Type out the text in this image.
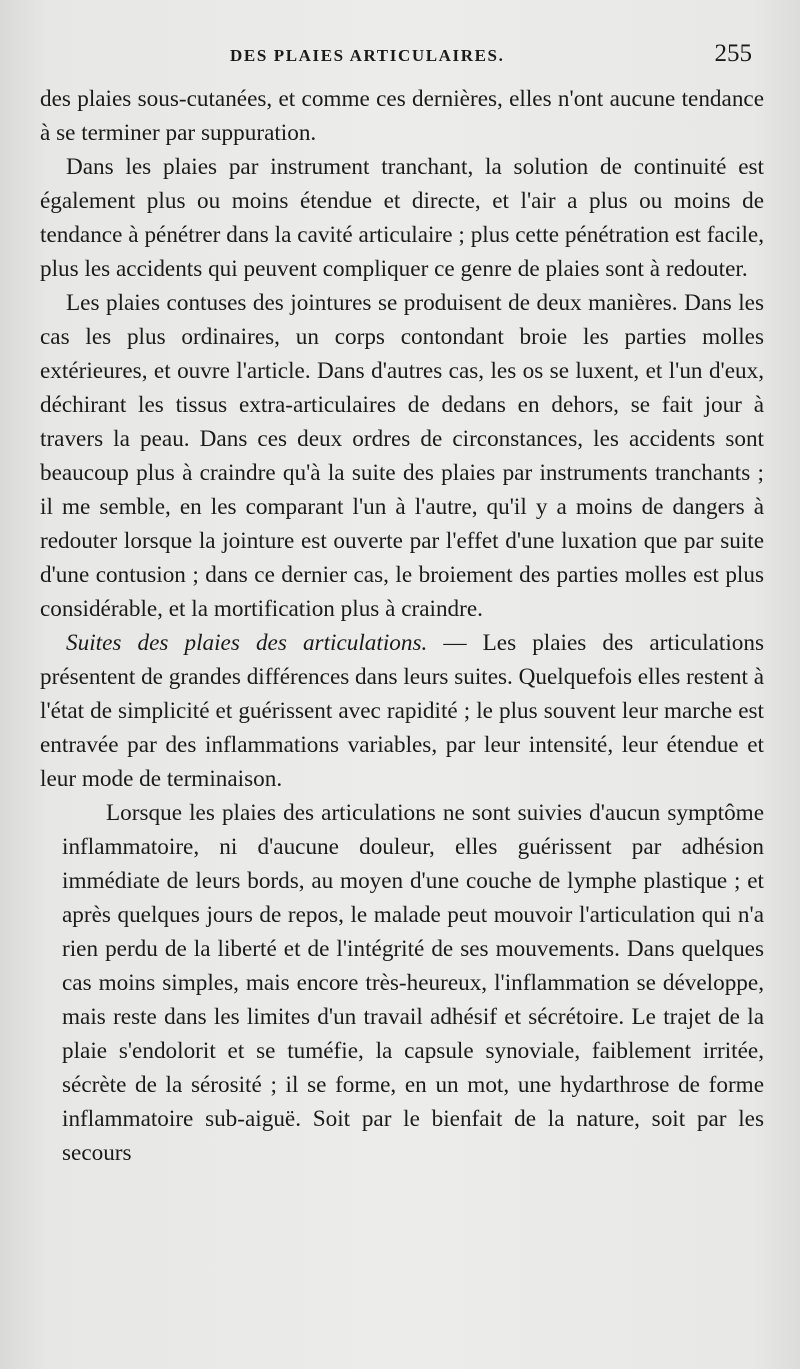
DES PLAIES ARTICULAIRES.	255

des plaies sous-cutanées, et comme ces dernières, elles n'ont aucune tendance à se terminer par suppuration.

Dans les plaies par instrument tranchant, la solution de continuité est également plus ou moins étendue et directe, et l'air a plus ou moins de tendance à pénétrer dans la cavité articulaire ; plus cette pénétration est facile, plus les accidents qui peuvent compliquer ce genre de plaies sont à redouter.

Les plaies contuses des jointures se produisent de deux manières. Dans les cas les plus ordinaires, un corps contondant broie les parties molles extérieures, et ouvre l'article. Dans d'autres cas, les os se luxent, et l'un d'eux, déchirant les tissus extra-articulaires de dedans en dehors, se fait jour à travers la peau. Dans ces deux ordres de circonstances, les accidents sont beaucoup plus à craindre qu'à la suite des plaies par instruments tranchants ; il me semble, en les comparant l'un à l'autre, qu'il y a moins de dangers à redouter lorsque la jointure est ouverte par l'effet d'une luxation que par suite d'une contusion ; dans ce dernier cas, le broiement des parties molles est plus considérable, et la mortification plus à craindre.

Suites des plaies des articulations. — Les plaies des articulations présentent de grandes différences dans leurs suites. Quelquefois elles restent à l'état de simplicité et guérissent avec rapidité ; le plus souvent leur marche est entravée par des inflammations variables, par leur intensité, leur étendue et leur mode de terminaison.

Lorsque les plaies des articulations ne sont suivies d'aucun symptôme inflammatoire, ni d'aucune douleur, elles guérissent par adhésion immédiate de leurs bords, au moyen d'une couche de lymphe plastique ; et après quelques jours de repos, le malade peut mouvoir l'articulation qui n'a rien perdu de la liberté et de l'intégrité de ses mouvements. Dans quelques cas moins simples, mais encore très-heureux, l'inflammation se développe, mais reste dans les limites d'un travail adhésif et sécrétoire. Le trajet de la plaie s'endolorit et se tuméfie, la capsule synoviale, faiblement irritée, sécrète de la sérosité ; il se forme, en un mot, une hydarthrose de forme inflammatoire sub-aiguë. Soit par le bienfait de la nature, soit par les secours
